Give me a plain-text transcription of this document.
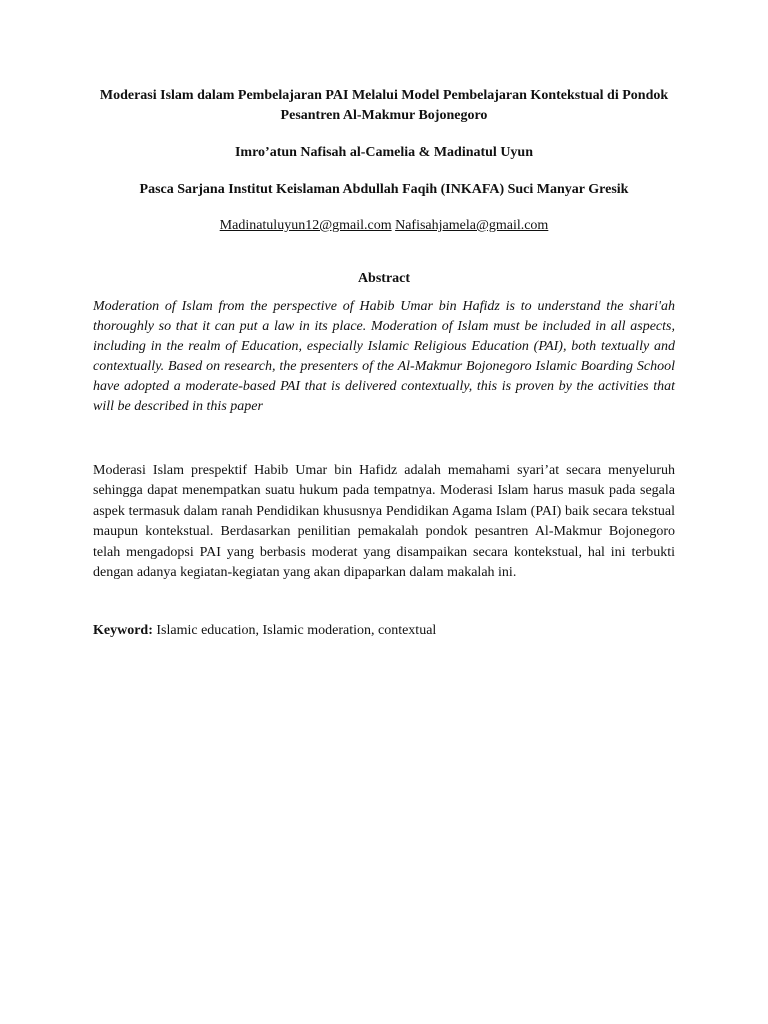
Moderasi Islam dalam Pembelajaran PAI Melalui Model Pembelajaran Kontekstual di Pondok Pesantren Al-Makmur Bojonegoro

Imro’atun Nafisah al-Camelia & Madinatul Uyun

Pasca Sarjana Institut Keislaman Abdullah Faqih (INKAFA) Suci Manyar Gresik

Madinatuluyun12@gmail.com Nafisahjamela@gmail.com

Abstract

Moderation of Islam from the perspective of Habib Umar bin Hafidz is to understand the shari'ah thoroughly so that it can put a law in its place. Moderation of Islam must be included in all aspects, including in the realm of Education, especially Islamic Religious Education (PAI), both textually and contextually. Based on research, the presenters of the Al-Makmur Bojonegoro Islamic Boarding School have adopted a moderate-based PAI that is delivered contextually, this is proven by the activities that will be described in this paper

Moderasi Islam prespektif Habib Umar bin Hafidz adalah memahami syari’at secara menyeluruh sehingga dapat menempatkan suatu hukum pada tempatnya. Moderasi Islam harus masuk pada segala aspek termasuk dalam ranah Pendidikan khususnya Pendidikan Agama Islam (PAI) baik secara tekstual maupun kontekstual. Berdasarkan penilitian pemakalah pondok pesantren Al-Makmur Bojonegoro telah mengadopsi PAI yang berbasis moderat yang disampaikan secara kontekstual, hal ini terbukti dengan adanya kegiatan-kegiatan yang akan dipaparkan dalam makalah ini.

Keyword: Islamic education, Islamic moderation, contextual
